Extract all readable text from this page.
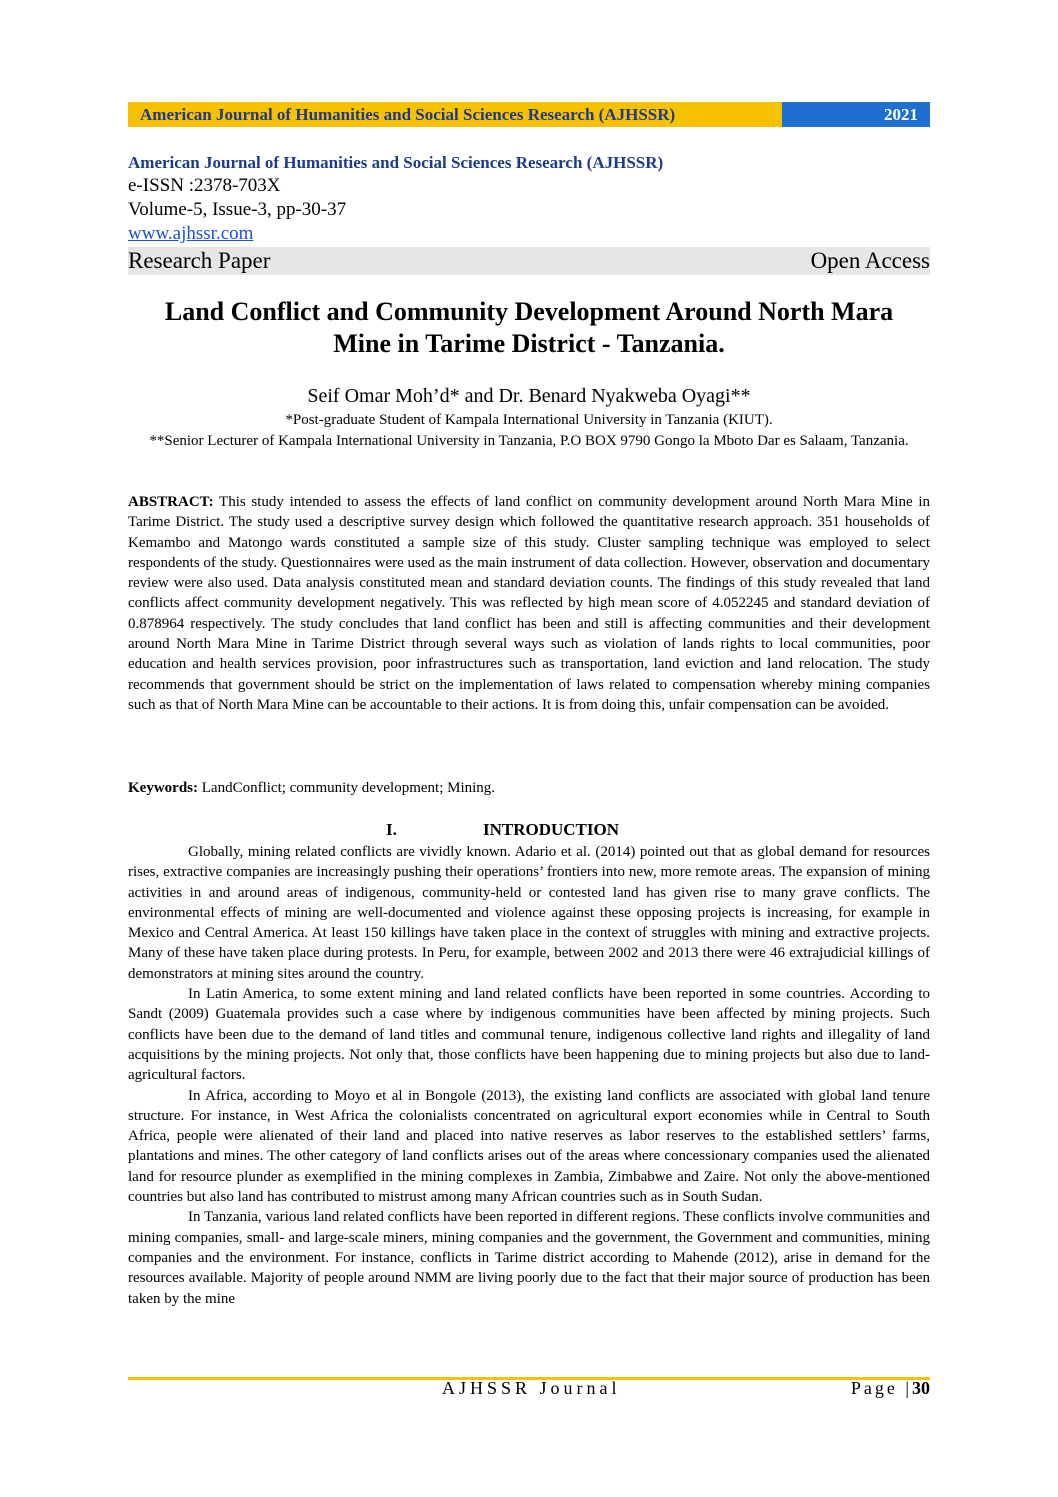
American Journal of Humanities and Social Sciences Research (AJHSSR)	2021
American Journal of Humanities and Social Sciences Research (AJHSSR)
e-ISSN :2378-703X
Volume-5, Issue-3, pp-30-37
www.ajhssr.com
Research Paper	Open Access
Land Conflict and Community Development Around North Mara
Mine in Tarime District - Tanzania.
Seif Omar Moh’d* and Dr. Benard Nyakweba Oyagi**
*Post-graduate Student of Kampala International University in Tanzania (KIUT).
**Senior Lecturer of Kampala International University in Tanzania, P.O BOX 9790 Gongo la Mboto Dar es Salaam, Tanzania.
ABSTRACT: This study intended to assess the effects of land conflict on community development around North Mara Mine in Tarime District. The study used a descriptive survey design which followed the quantitative research approach. 351 households of Kemambo and Matongo wards constituted a sample size of this study. Cluster sampling technique was employed to select respondents of the study. Questionnaires were used as the main instrument of data collection. However, observation and documentary review were also used. Data analysis constituted mean and standard deviation counts. The findings of this study revealed that land conflicts affect community development negatively. This was reflected by high mean score of 4.052245 and standard deviation of 0.878964 respectively. The study concludes that land conflict has been and still is affecting communities and their development around North Mara Mine in Tarime District through several ways such as violation of lands rights to local communities, poor education and health services provision, poor infrastructures such as transportation, land eviction and land relocation. The study recommends that government should be strict on the implementation of laws related to compensation whereby mining companies such as that of North Mara Mine can be accountable to their actions. It is from doing this, unfair compensation can be avoided.
Keywords: LandConflict; community development; Mining.
I.	INTRODUCTION

Globally, mining related conflicts are vividly known. Adario et al. (2014) pointed out that as global demand for resources rises, extractive companies are increasingly pushing their operations’ frontiers into new, more remote areas. The expansion of mining activities in and around areas of indigenous, community-held or contested land has given rise to many grave conflicts. The environmental effects of mining are well-documented and violence against these opposing projects is increasing, for example in Mexico and Central America. At least 150 killings have taken place in the context of struggles with mining and extractive projects. Many of these have taken place during protests. In Peru, for example, between 2002 and 2013 there were 46 extrajudicial killings of demonstrators at mining sites around the country.

In Latin America, to some extent mining and land related conflicts have been reported in some countries. According to Sandt (2009) Guatemala provides such a case where by indigenous communities have been affected by mining projects. Such conflicts have been due to the demand of land titles and communal tenure, indigenous collective land rights and illegality of land acquisitions by the mining projects. Not only that, those conflicts have been happening due to mining projects but also due to land-agricultural factors.

In Africa, according to Moyo et al in Bongole (2013), the existing land conflicts are associated with global land tenure structure. For instance, in West Africa the colonialists concentrated on agricultural export economies while in Central to South Africa, people were alienated of their land and placed into native reserves as labor reserves to the established settlers’ farms, plantations and mines. The other category of land conflicts arises out of the areas where concessionary companies used the alienated land for resource plunder as exemplified in the mining complexes in Zambia, Zimbabwe and Zaire. Not only the above-mentioned countries but also land has contributed to mistrust among many African countries such as in South Sudan.

In Tanzania, various land related conflicts have been reported in different regions. These conflicts involve communities and mining companies, small- and large-scale miners, mining companies and the government, the Government and communities, mining companies and the environment. For instance, conflicts in Tarime district according to Mahende (2012), arise in demand for the resources available. Majority of people around NMM are living poorly due to the fact that their major source of production has been taken by the mine

AJHSSR Journal	Page |30
